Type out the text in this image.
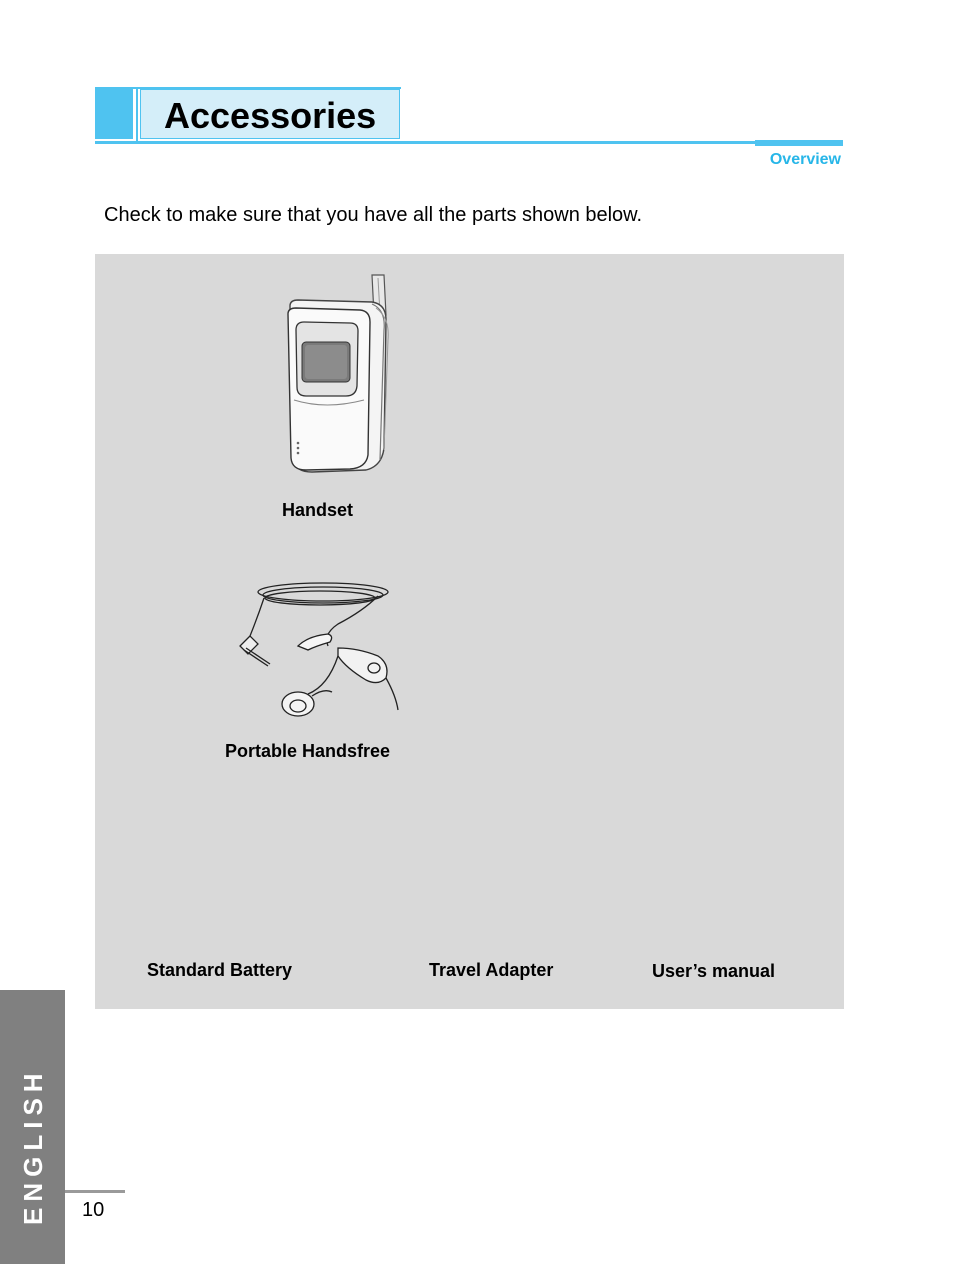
Accessories
Overview
Check to make sure that you have all the parts shown below.
Handset
Portable Handsfree
Standard Battery	Travel Adapter	User’s manual
ENGLISH	10
